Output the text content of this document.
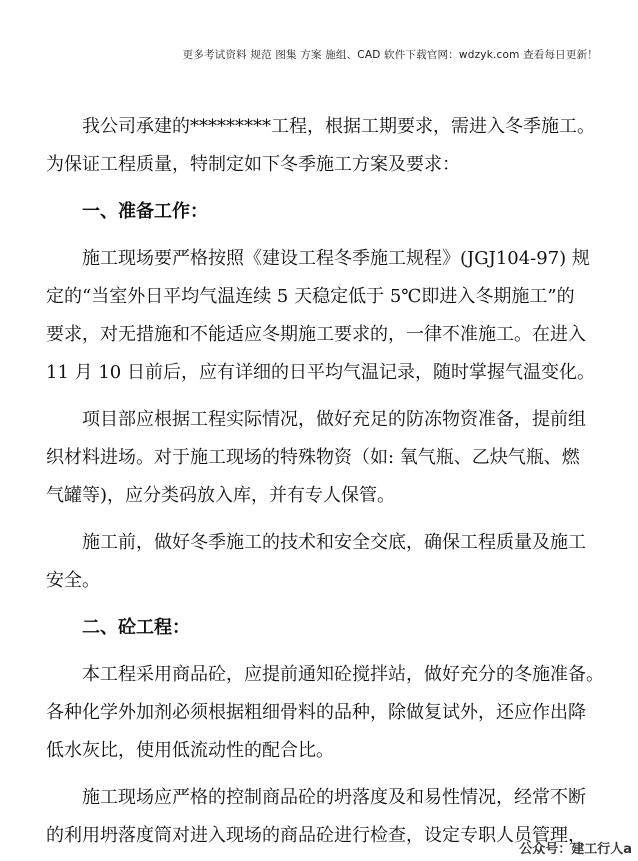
更多考试资料 规范 图集 方案 施组、CAD 软件下载官网：wdzyk.com 查看每日更新！

我公司承建的*********工程，根据工期要求，需进入冬季施工。
为保证工程质量，特制定如下冬季施工方案及要求：

一、准备工作：

施工现场要严格按照《建设工程冬季施工规程》(JGJ104-97) 规
定的“当室外日平均气温连续 5 天稳定低于 5℃即进入冬期施工”的
要求，对无措施和不能适应冬期施工要求的，一律不准施工。在进入
11 月 10 日前后，应有详细的日平均气温记录，随时掌握气温变化。

项目部应根据工程实际情况，做好充足的防冻物资准备，提前组
织材料进场。对于施工现场的特殊物资（如: 氧气瓶、乙炔气瓶、燃
气罐等)，应分类码放入库，并有专人保管。

施工前，做好冬季施工的技术和安全交底，确保工程质量及施工
安全。

二、砼工程：

本工程采用商品砼，应提前通知砼搅拌站，做好充分的冬施准备。
各种化学外加剂必须根据粗细骨料的品种，除做复试外，还应作出降
低水灰比，使用低流动性的配合比。

施工现场应严格的控制商品砼的坍落度及和易性情况，经常不断
的利用坍落度筒对进入现场的商品砼进行检查，设定专职人员管理，

公众号：建工行人a
